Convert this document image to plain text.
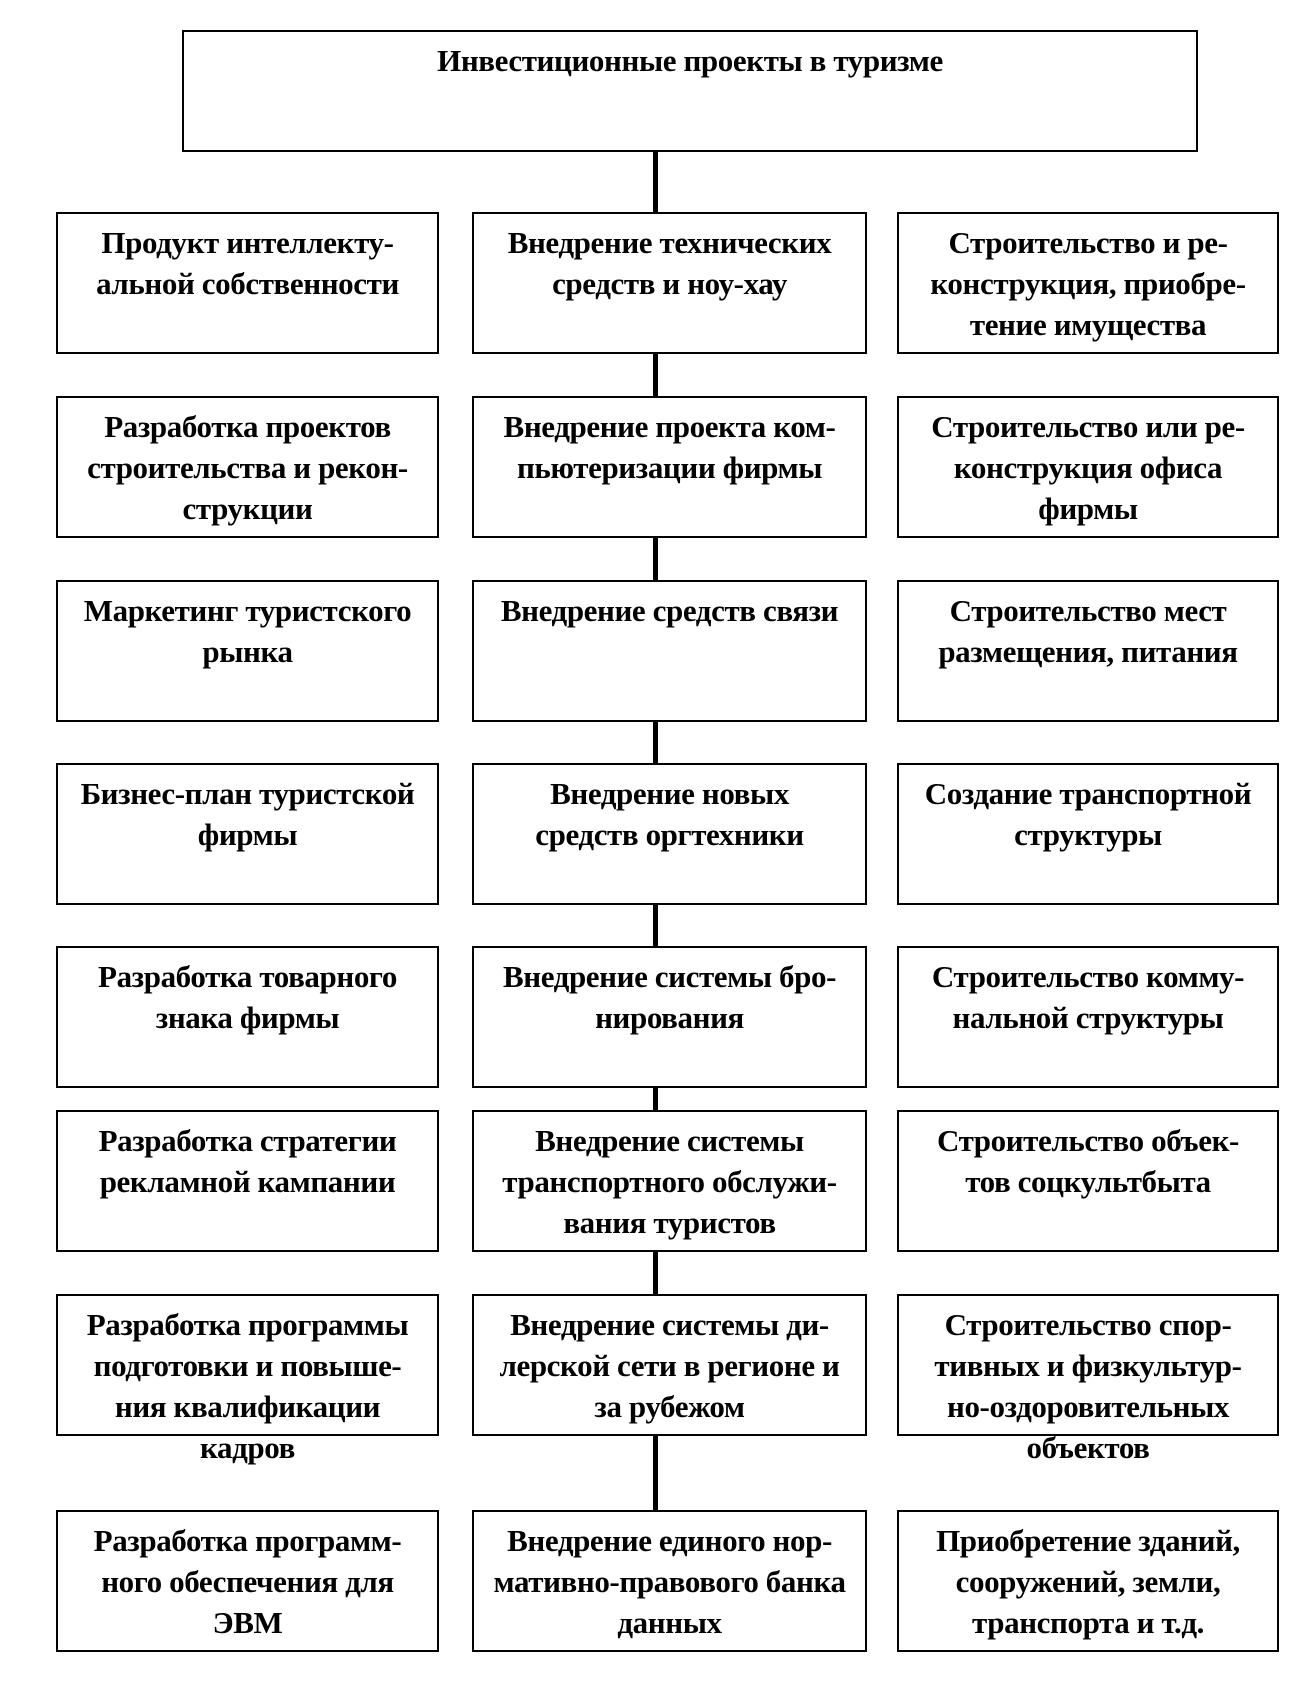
Инвестиционные проекты в туризме
Продукт интеллекту-
альной собственности
Внедрение технических
средств и ноу-хау
Строительство и ре-
конструкция, приобре-
тение имущества
Разработка проектов
строительства и рекон-
струкции
Внедрение проекта ком-
пьютеризации фирмы
Строительство или ре-
конструкция офиса
фирмы
Маркетинг туристского
рынка
Внедрение средств связи	Строительство мест
размещения, питания
Бизнес-план туристской
фирмы
Внедрение новых
средств оргтехники
Создание транспортной
структуры
Разработка товарного
знака фирмы
Внедрение системы бро-
нирования
Строительство комму-
нальной структуры
Разработка стратегии
рекламной кампании
Внедрение системы
транспортного обслужи-
вания туристов
Строительство объек-
тов соцкультбыта
Разработка программы
подготовки и повыше-
ния квалификации
кадров
Внедрение системы ди-
лерской сети в регионе и
за рубежом
Строительство спор-
тивных и физкультур-
но-оздоровительных
объектов
Разработка программ-
ного обеспечения для
ЭВМ
Внедрение единого нор-
мативно-правового банка
данных
Приобретение зданий,
сооружений, земли,
транспорта и т.д.
